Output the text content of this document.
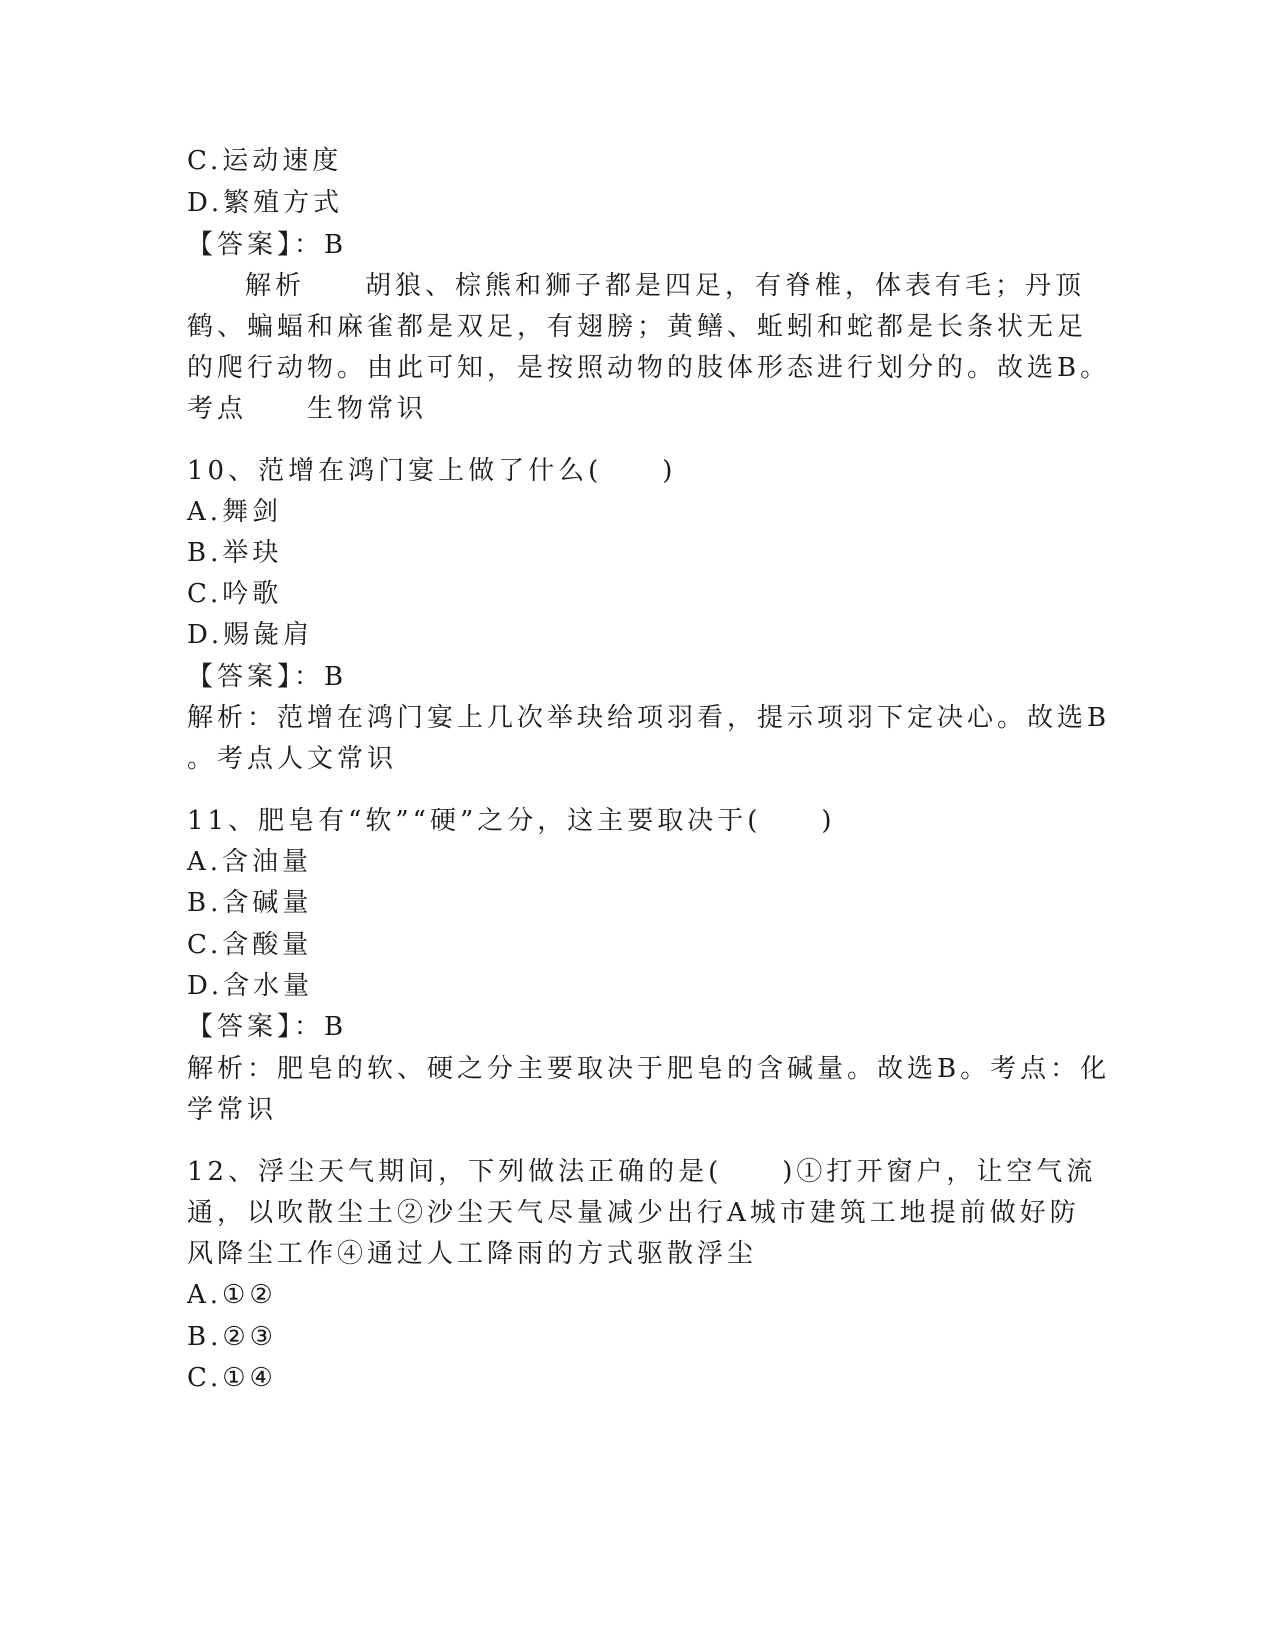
C.运动速度
D.繁殖方式
【答案】：B
解析　　胡狼、棕熊和狮子都是四足，有脊椎，体表有毛；丹顶
鹤、蝙蝠和麻雀都是双足，有翅膀；黄鳝、蚯蚓和蛇都是长条状无足
的爬行动物。由此可知，是按照动物的肢体形态进行划分的。故选B。
考点　　生物常识
10、范增在鸿门宴上做了什么(　　)
A.舞剑
B.举玦
C.吟歌
D.赐彘肩
【答案】：B
解析：范增在鸿门宴上几次举玦给项羽看，提示项羽下定决心。故选B
。考点人文常识
11、肥皂有“软”“硬”之分，这主要取决于(　　)
A.含油量
B.含碱量
C.含酸量
D.含水量
【答案】：B
解析：肥皂的软、硬之分主要取决于肥皂的含碱量。故选B。考点：化
学常识
12、浮尘天气期间，下列做法正确的是(　　)①打开窗户，让空气流
通，以吹散尘土②沙尘天气尽量减少出行A城市建筑工地提前做好防
风降尘工作④通过人工降雨的方式驱散浮尘
A.①②
B.②③
C.①④
